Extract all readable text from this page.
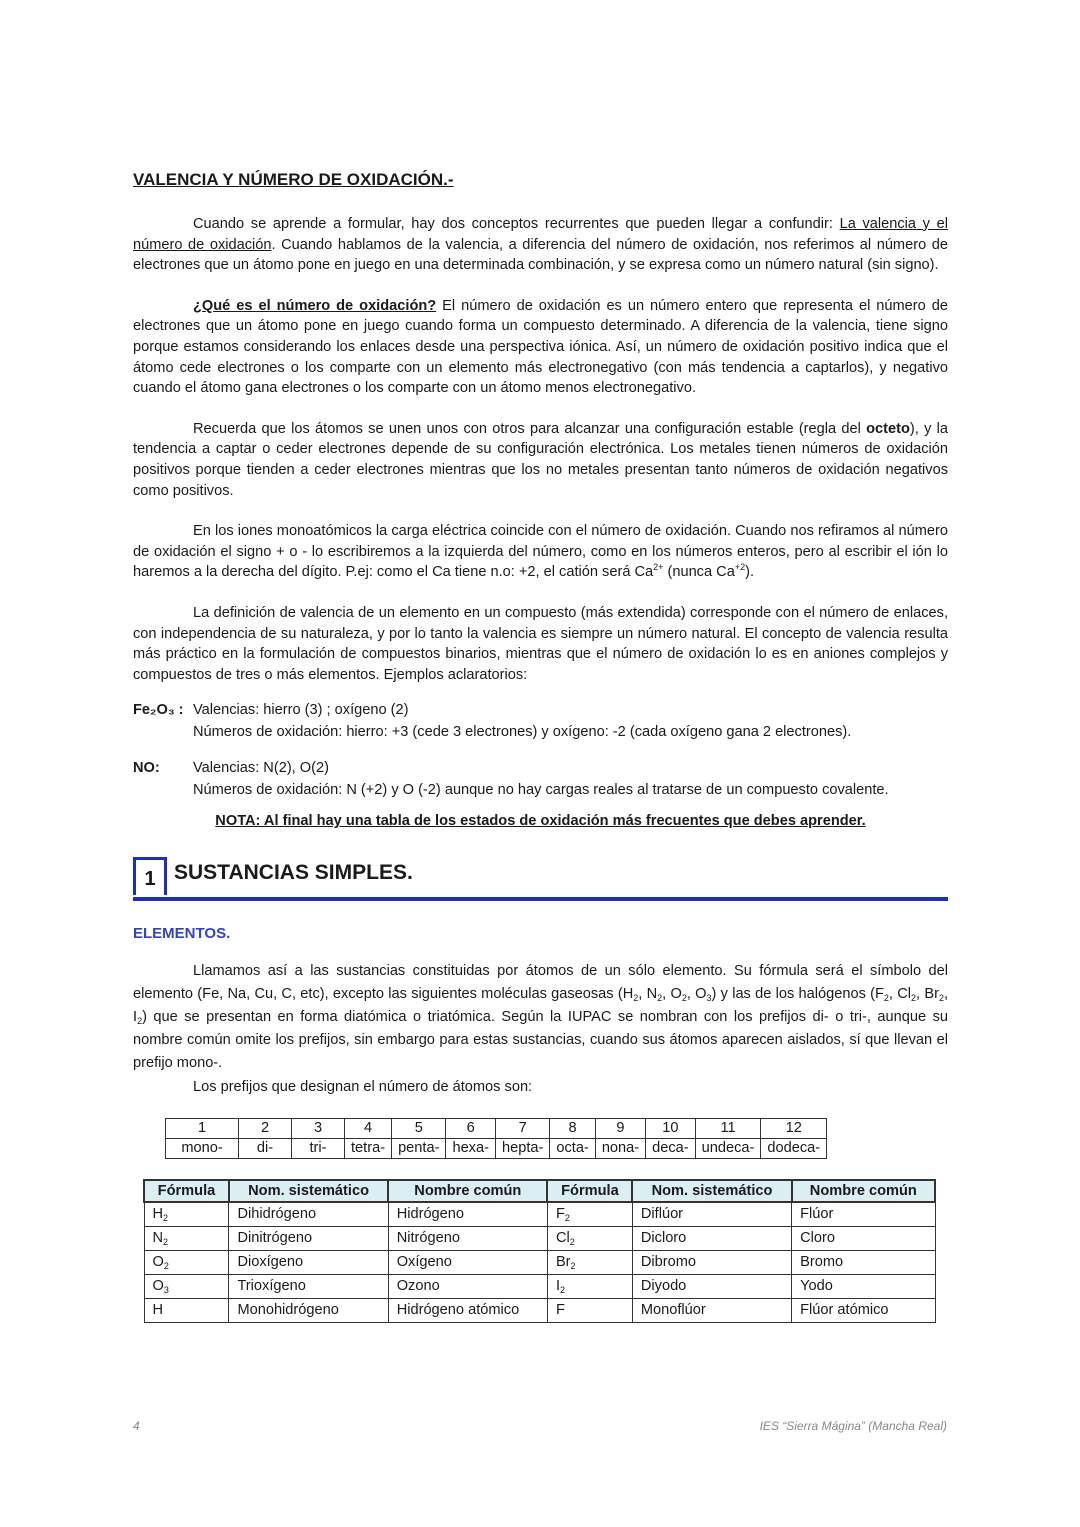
VALENCIA Y NÚMERO DE OXIDACIÓN.-

Cuando se aprende a formular, hay dos conceptos recurrentes que pueden llegar a confundir: La valencia y el número de oxidación. Cuando hablamos de la valencia, a diferencia del número de oxidación, nos referimos al número de electrones que un átomo pone en juego en una determinada combinación, y se expresa como un número natural (sin signo).

¿Qué es el número de oxidación? El número de oxidación es un número entero que representa el número de electrones que un átomo pone en juego cuando forma un compuesto determinado. A diferencia de la valencia, tiene signo porque estamos considerando los enlaces desde una perspectiva iónica. Así, un número de oxidación positivo indica que el átomo cede electrones o los comparte con un elemento más electronegativo (con más tendencia a captarlos), y negativo cuando el átomo gana electrones o los comparte con un átomo menos electronegativo.

Recuerda que los átomos se unen unos con otros para alcanzar una configuración estable (regla del octeto), y la tendencia a captar o ceder electrones depende de su configuración electrónica. Los metales tienen números de oxidación positivos porque tienden a ceder electrones mientras que los no metales presentan tanto números de oxidación negativos como positivos.

En los iones monoatómicos la carga eléctrica coincide con el número de oxidación. Cuando nos refiramos al número de oxidación el signo + o - lo escribiremos a la izquierda del número, como en los números enteros, pero al escribir el ión lo haremos a la derecha del dígito. P.ej: como el Ca tiene n.o: +2, el catión será $Ca^{2+}$ (nunca $Ca^{+2}$).

La definición de valencia de un elemento en un compuesto (más extendida) corresponde con el número de enlaces, con independencia de su naturaleza, y por lo tanto la valencia es siempre un número natural. El concepto de valencia resulta más práctico en la formulación de compuestos binarios, mientras que el número de oxidación lo es en aniones complejos y compuestos de tres o más elementos. Ejemplos aclaratorios:

Fe₂O₃ : Valencias: hierro (3) ; oxígeno (2)
Números de oxidación: hierro: +3 (cede 3 electrones) y oxígeno: -2 (cada oxígeno gana 2 electrones).
NO:	Valencias: N(2), O(2)
Números de oxidación: N (+2) y O (-2) aunque no hay cargas reales al tratarse de un compuesto covalente.
NOTA: Al final hay una tabla de los estados de oxidación más frecuentes que debes aprender.
1 SUSTANCIAS SIMPLES.
ELEMENTOS.

Llamamos así a las sustancias constituidas por átomos de un sólo elemento. Su fórmula será el símbolo del elemento (Fe, Na, Cu, C, etc), excepto las siguientes moléculas gaseosas ($H_2$, $N_2$, $O_2$, $O_3$) y las de los halógenos ($F_2$, $Cl_2$, $Br_2$, $I_2$) que se presentan en forma diatómica o triatómica. Según la IUPAC se nombran con los prefijos di- o tri-, aunque su nombre común omite los prefijos, sin embargo para estas sustancias, cuando sus átomos aparecen aislados, sí que llevan el prefijo mono-.

Los prefijos que designan el número de átomos son:

1	2	3	4	5	6	7	8	9	10	11	12
mono-	di-	tri-	tetra-	penta-	hexa-	hepta-	octa-	nona-	deca-	undeca-	dodeca-
Fórmula	Nom. sistemático	Nombre común	Fórmula	Nom. sistemático	Nombre común
$H_2$	Dihidrógeno	Hidrógeno	$F_2$	Diflúor	Flúor
$N_2$	Dinitrógeno	Nitrógeno	$Cl_2$	Dicloro	Cloro
$O_2$	Dioxígeno	Oxígeno	$Br_2$	Dibromo	Bromo
$O_3$	Trioxígeno	Ozono	$I_2$	Diyodo	Yodo
H	Monohidrógeno	Hidrógeno atómico	F	Monoflúor	Flúor atómico
4	IES “Sierra Mágina” (Mancha Real)
